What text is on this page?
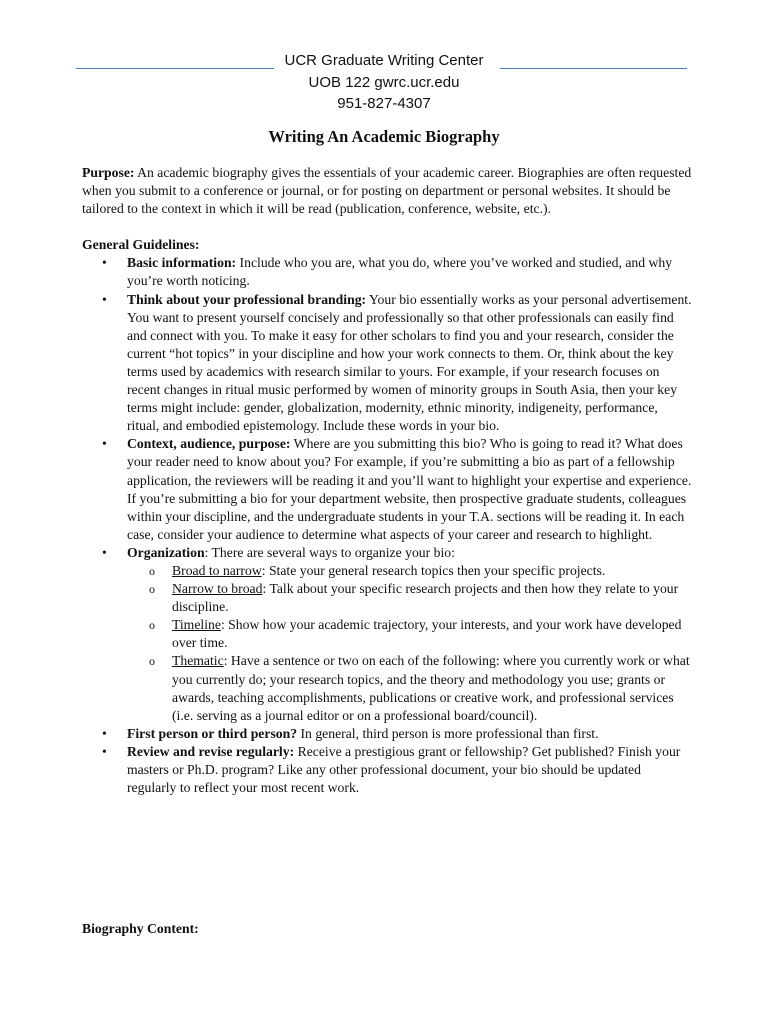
UCR Graduate Writing Center
UOB 122 gwrc.ucr.edu
951-827-4307
Writing An Academic Biography

Purpose: An academic biography gives the essentials of your academic career. Biographies are often requested when you submit to a conference or journal, or for posting on department or personal websites. It should be tailored to the context in which it will be read (publication, conference, website, etc.).

General Guidelines:

• Basic information: Include who you are, what you do, where you’ve worked and studied, and why you’re worth noticing.
• Think about your professional branding: Your bio essentially works as your personal advertisement. You want to present yourself concisely and professionally so that other professionals can easily find and connect with you. To make it easy for other scholars to find you and your research, consider the current “hot topics” in your discipline and how your work connects to them. Or, think about the key terms used by academics with research similar to yours. For example, if your research focuses on recent changes in ritual music performed by women of minority groups in South Asia, then your key terms might include: gender, globalization, modernity, ethnic minority, indigeneity, performance, ritual, and embodied epistemology. Include these words in your bio.
• Context, audience, purpose: Where are you submitting this bio? Who is going to read it? What does your reader need to know about you? For example, if you’re submitting a bio as part of a fellowship application, the reviewers will be reading it and you’ll want to highlight your expertise and experience. If you’re submitting a bio for your department website, then prospective graduate students, colleagues within your discipline, and the undergraduate students in your T.A. sections will be reading it. In each case, consider your audience to determine what aspects of your career and research to highlight.
• Organization: There are several ways to organize your bio:
o Broad to narrow: State your general research topics then your specific projects.
o Narrow to broad: Talk about your specific research projects and then how they relate to your discipline.
o Timeline: Show how your academic trajectory, your interests, and your work have developed over time.
o Thematic: Have a sentence or two on each of the following: where you currently work or what you currently do; your research topics, and the theory and methodology you use; grants or awards, teaching accomplishments, publications or creative work, and professional services (i.e. serving as a journal editor or on a professional board/council).
• First person or third person? In general, third person is more professional than first.
• Review and revise regularly: Receive a prestigious grant or fellowship? Get published? Finish your masters or Ph.D. program? Like any other professional document, your bio should be updated regularly to reflect your most recent work.
Biography Content:
